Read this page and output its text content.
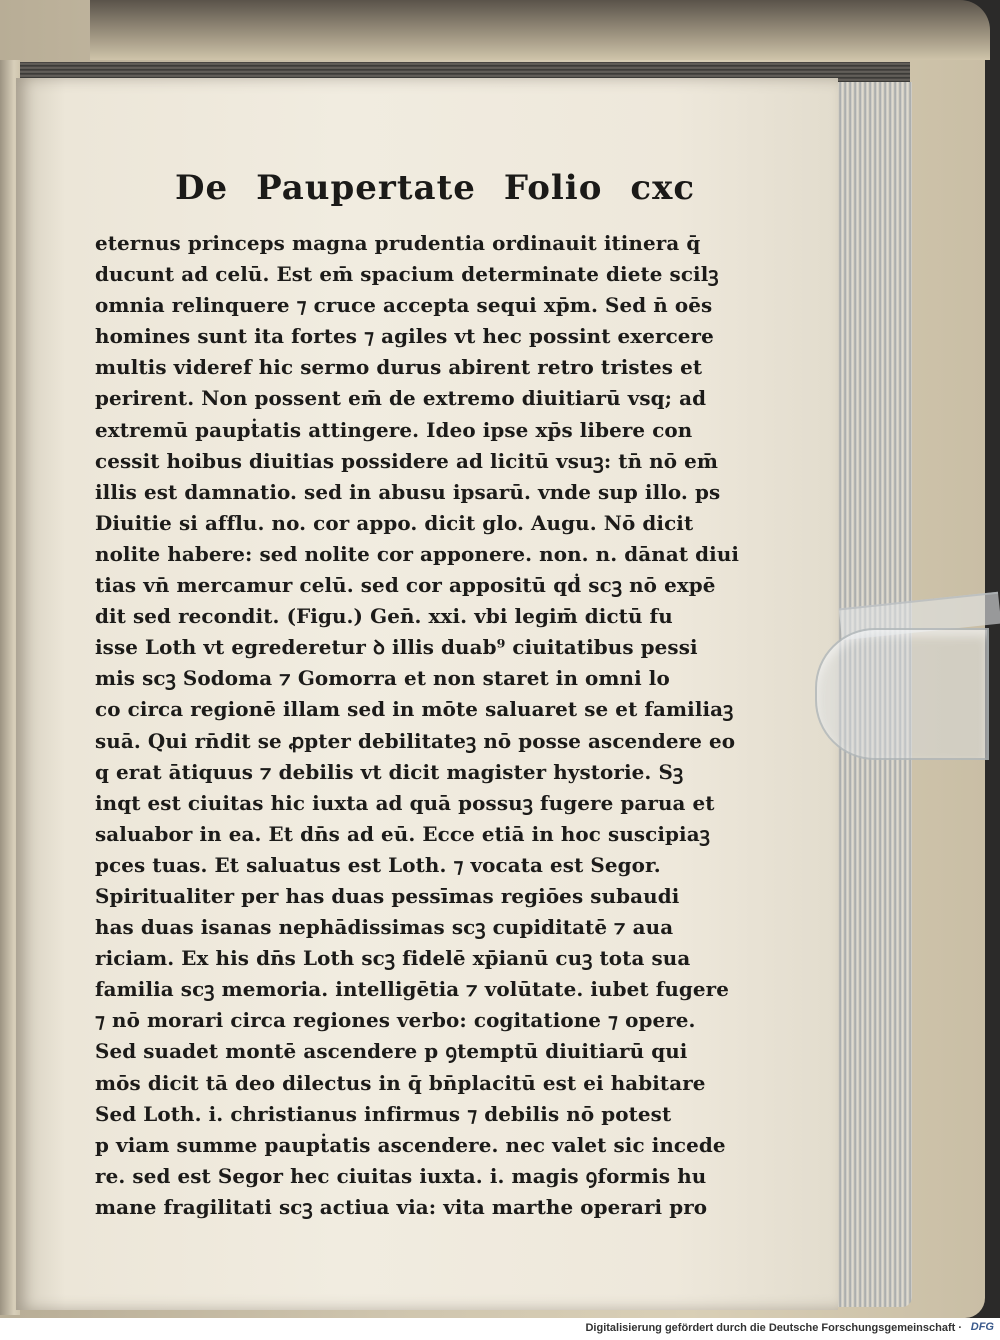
De Paupertate Folio cxc
eternus princeps magna prudentia ordinauit itinera q̄
ducunt ad celū. Est em̄ spacium determinate diete scilꝫ
omnia relinquere ⁊ cruce accepta sequi xp̄m. Sed n̄ oēs
homines sunt ita fortes ⁊ agiles vt hec possint exercere
multis videref hic sermo durus abirent retro tristes et
perirent. Non possent em̄ de extremo diuitiarū vsq; ad
extremū paupṫatis attingere. Ideo ipse xp̄s libere con
cessit hoibus diuitias possidere ad licitū vsuꝫ: tn̄ nō em̄
illis est damnatio. sed in abusu ipsarū. vnde sup illo. ps
Diuitie si afflu. no. cor appo. dicit glo. Augu. Nō dicit
nolite habere: sed nolite cor apponere. non. n. dānat diui
tias vn̄ mercamur celū. sed cor appositū qḋ scꝫ nō expē
dit sed recondit. (Figu.) Gen̄. xxi. vbi legim̄ dictū fu
isse Loth vt egrederetur ꝺ illis duab⁹ ciuitatibus pessi
mis scꝫ Sodoma ⁊ Gomorra et non staret in omni lo
co circa regionē illam sed in mōte saluaret se et familiaꝫ
suā. Qui rn̄dit se ꝓpter debilitateꝫ nō posse ascendere eo
q erat ātiquus ⁊ debilis vt dicit magister hystorie. Sꝫ
inqt est ciuitas hic iuxta ad quā possuꝫ fugere parua et
saluabor in ea. Et dn̄s ad eū. Ecce etiā in hoc suscipiaꝫ
pces tuas. Et saluatus est Loth. ⁊ vocata est Segor.
Spiritualiter per has duas pessīmas regiōes subaudi
has duas isanas nephādissimas scꝫ cupiditatē ⁊ aua
riciam. Ex his dn̄s Loth scꝫ fidelē xp̄ianū cuꝫ tota sua
familia scꝫ memoria. intelligētia ⁊ volūtate. iubet fugere
⁊ nō morari circa regiones verbo: cogitatione ⁊ opere.
Sed suadet montē ascendere p ꝯtemptū diuitiarū qui
mōs dicit tā deo dilectus in q̄ bn̄placitū est ei habitare
Sed Loth. i. christianus infirmus ⁊ debilis nō potest
p viam summe paupṫatis ascendere. nec valet sic incede
re. sed est Segor hec ciuitas iuxta. i. magis ꝯformis hu
mane fragilitati scꝫ actiua via: vita marthe operari pro
Digitalisierung gefördert durch die Deutsche Forschungsgemeinschaft · DFG
